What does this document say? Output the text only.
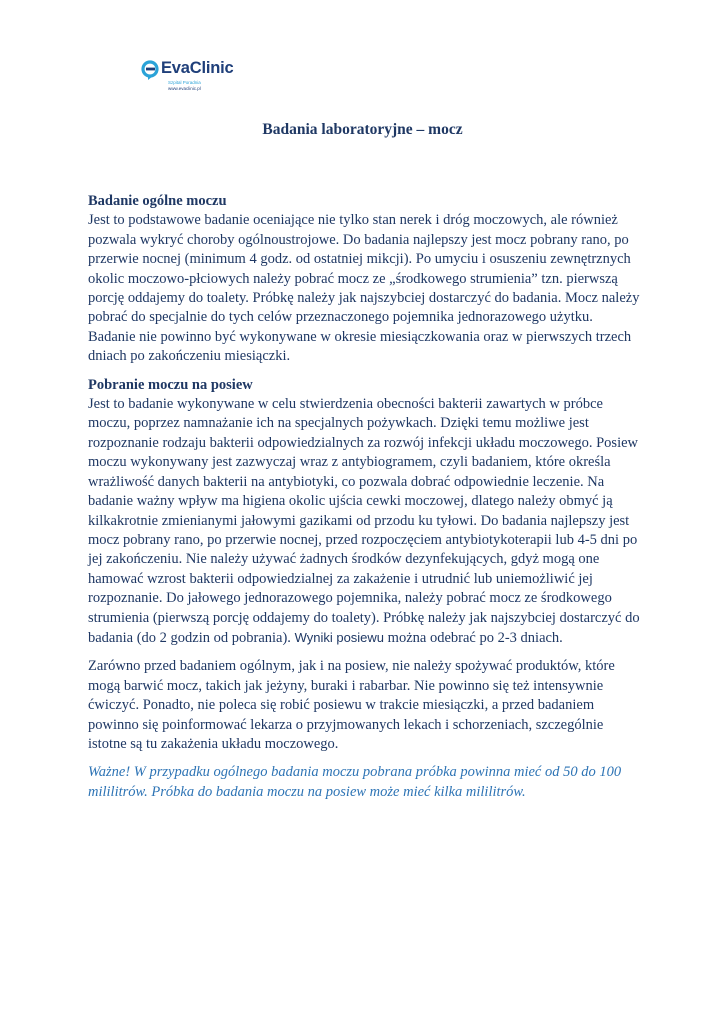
EvaClinic
Szpital Poradnia
www.evaclinic.pl
Badania laboratoryjne – mocz
Badanie ogólne moczu
Jest to podstawowe badanie oceniające nie tylko stan nerek i dróg moczowych, ale również pozwala wykryć choroby ogólnoustrojowe. Do badania najlepszy jest mocz pobrany rano, po przerwie nocnej (minimum 4 godz. od ostatniej mikcji). Po umyciu i osuszeniu zewnętrznych okolic moczowo-płciowych należy pobrać mocz ze „środkowego strumienia” tzn. pierwszą porcję oddajemy do toalety. Próbkę należy jak najszybciej dostarczyć do badania. Mocz należy pobrać do specjalnie do tych celów przeznaczonego pojemnika jednorazowego użytku. Badanie nie powinno być wykonywane w okresie miesiączkowania oraz w pierwszych trzech dniach po zakończeniu miesiączki.
Pobranie moczu na posiew
Jest to badanie wykonywane w celu stwierdzenia obecności bakterii zawartych w próbce moczu, poprzez namnażanie ich na specjalnych pożywkach. Dzięki temu możliwe jest rozpoznanie rodzaju bakterii odpowiedzialnych za rozwój infekcji układu moczowego. Posiew moczu wykonywany jest zazwyczaj wraz z antybiogramem, czyli badaniem, które określa wrażliwość danych bakterii na antybiotyki, co pozwala dobrać odpowiednie leczenie. Na badanie ważny wpływ ma higiena okolic ujścia cewki moczowej, dlatego należy obmyć ją kilkakrotnie zmienianymi jałowymi gazikami od przodu ku tyłowi. Do badania najlepszy jest mocz pobrany rano, po przerwie nocnej, przed rozpoczęciem antybiotykoterapii lub 4-5 dni po jej zakończeniu. Nie należy używać żadnych środków dezynfekujących, gdyż mogą one hamować wzrost bakterii odpowiedzialnej za zakażenie i utrudnić lub uniemożliwić jej rozpoznanie. Do jałowego jednorazowego pojemnika, należy pobrać mocz ze środkowego strumienia (pierwszą porcję oddajemy do toalety). Próbkę należy jak najszybciej dostarczyć do badania (do 2 godzin od pobrania). Wyniki posiewu można odebrać po 2-3 dniach.

Zarówno przed badaniem ogólnym, jak i na posiew, nie należy spożywać produktów, które mogą barwić mocz, takich jak jeżyny, buraki i rabarbar. Nie powinno się też intensywnie ćwiczyć. Ponadto, nie poleca się robić posiewu w trakcie miesiączki, a przed badaniem powinno się poinformować lekarza o przyjmowanych lekach i schorzeniach, szczególnie istotne są tu zakażenia układu moczowego.

Ważne! W przypadku ogólnego badania moczu pobrana próbka powinna mieć od 50 do 100 mililitrów. Próbka do badania moczu na posiew może mieć kilka mililitrów.
